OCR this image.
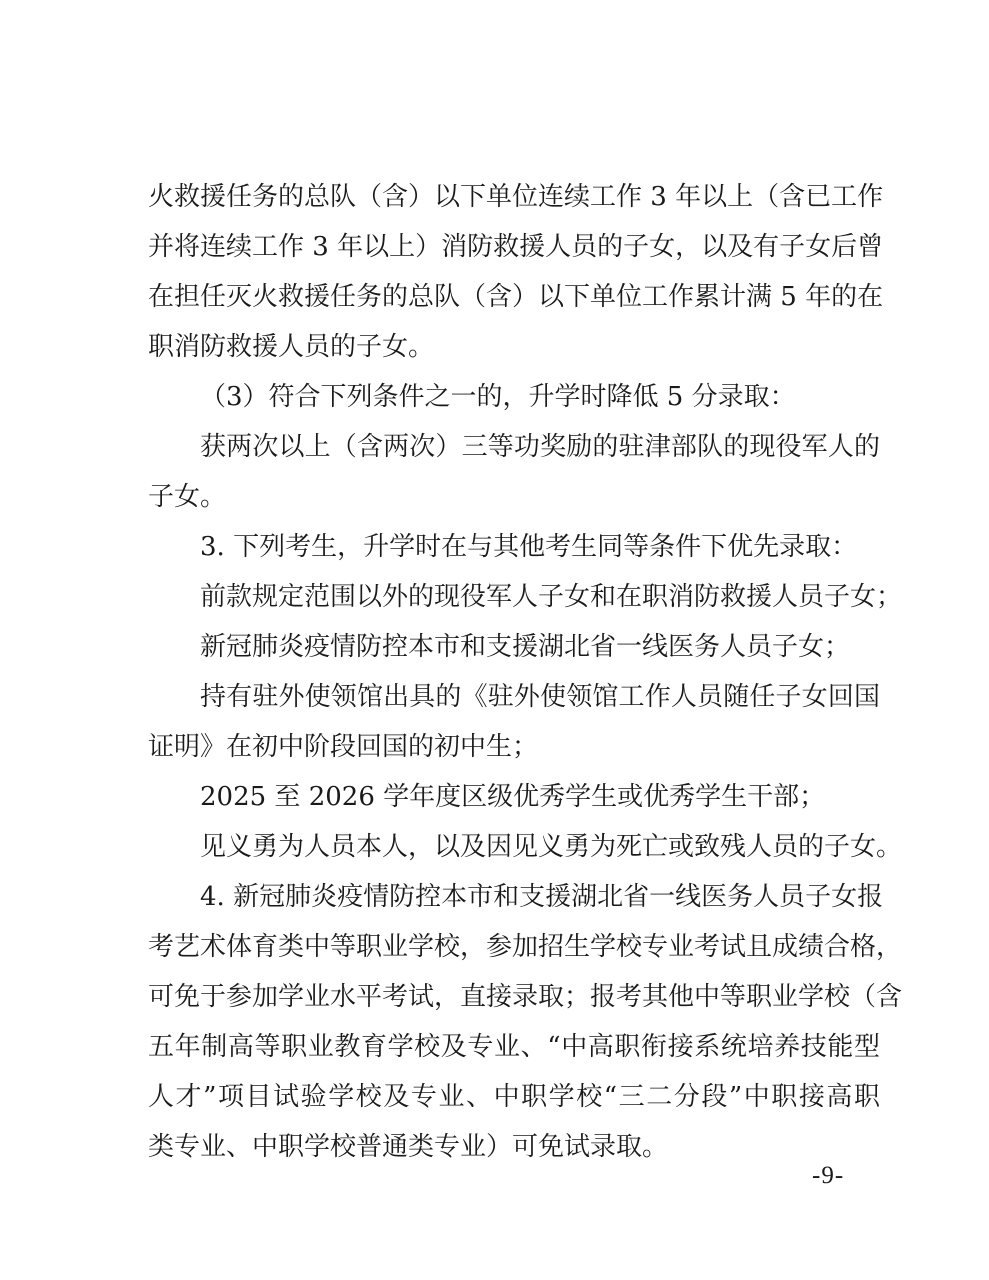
火救援任务的总队（含）以下单位连续工作 3 年以上（含已工作
并将连续工作 3 年以上）消防救援人员的子女，以及有子女后曾
在担任灭火救援任务的总队（含）以下单位工作累计满 5 年的在
职消防救援人员的子女。
（3）符合下列条件之一的，升学时降低 5 分录取：
获两次以上（含两次）三等功奖励的驻津部队的现役军人的
子女。
3. 下列考生，升学时在与其他考生同等条件下优先录取：
前款规定范围以外的现役军人子女和在职消防救援人员子女；
新冠肺炎疫情防控本市和支援湖北省一线医务人员子女；
持有驻外使领馆出具的《驻外使领馆工作人员随任子女回国
证明》在初中阶段回国的初中生；
2025 至 2026 学年度区级优秀学生或优秀学生干部；
见义勇为人员本人，以及因见义勇为死亡或致残人员的子女。
4. 新冠肺炎疫情防控本市和支援湖北省一线医务人员子女报
考艺术体育类中等职业学校，参加招生学校专业考试且成绩合格，
可免于参加学业水平考试，直接录取；报考其他中等职业学校（含
五年制高等职业教育学校及专业、“中高职衔接系统培养技能型
人才”项目试验学校及专业、中职学校“三二分段”中职接高职
类专业、中职学校普通类专业）可免试录取。
-9-
